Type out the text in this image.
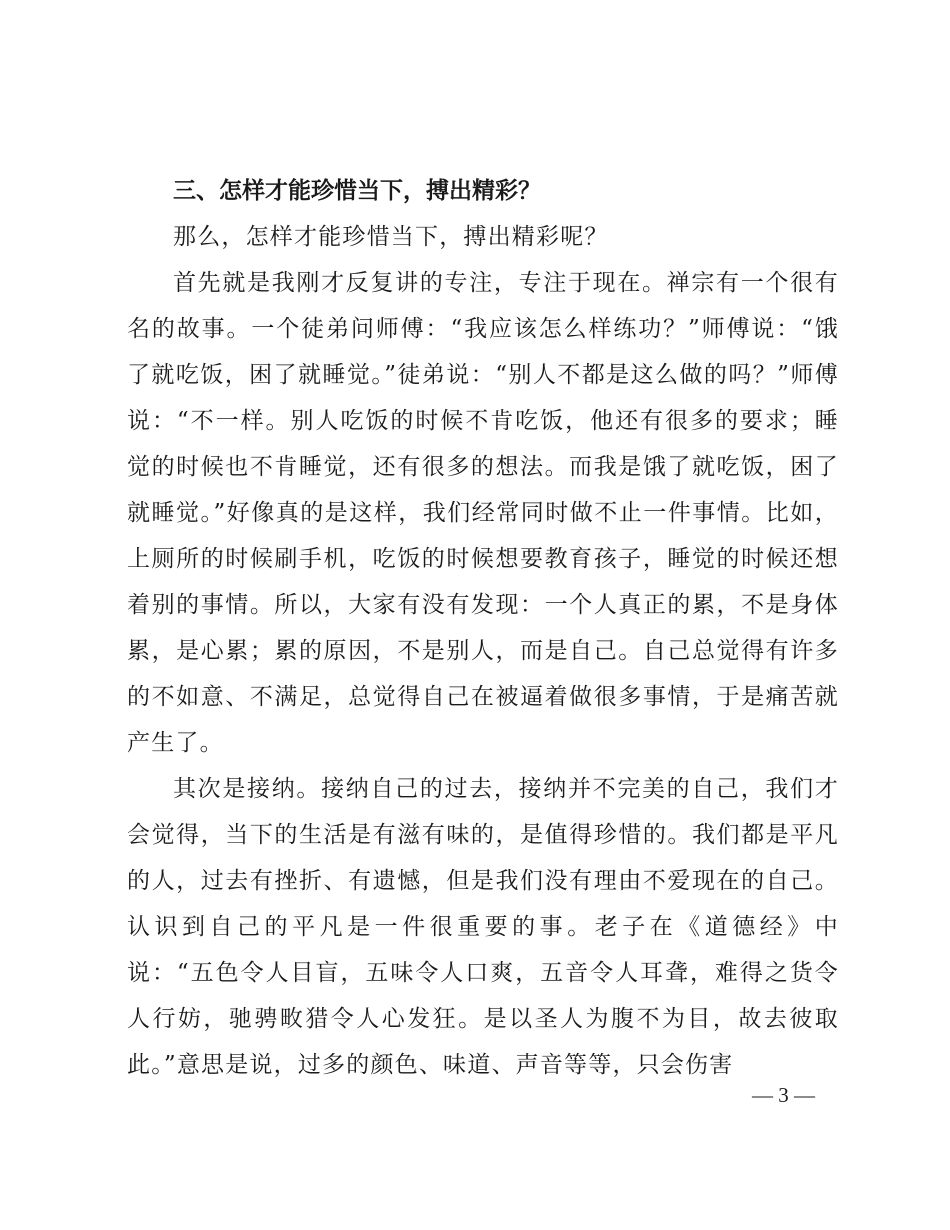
三、怎样才能珍惜当下，搏出精彩？

那么，怎样才能珍惜当下，搏出精彩呢？

首先就是我刚才反复讲的专注，专注于现在。禅宗有一个很有名的故事。一个徒弟问师傅：“我应该怎么样练功？”师傅说：“饿了就吃饭，困了就睡觉。”徒弟说：“别人不都是这么做的吗？”师傅说：“不一样。别人吃饭的时候不肯吃饭，他还有很多的要求；睡觉的时候也不肯睡觉，还有很多的想法。而我是饿了就吃饭，困了就睡觉。”好像真的是这样，我们经常同时做不止一件事情。比如，上厕所的时候刷手机，吃饭的时候想要教育孩子，睡觉的时候还想着别的事情。所以，大家有没有发现：一个人真正的累，不是身体累，是心累；累的原因，不是别人，而是自己。自己总觉得有许多的不如意、不满足，总觉得自己在被逼着做很多事情，于是痛苦就产生了。

其次是接纳。接纳自己的过去，接纳并不完美的自己，我们才会觉得，当下的生活是有滋有味的，是值得珍惜的。我们都是平凡的人，过去有挫折、有遗憾，但是我们没有理由不爱现在的自己。认识到自己的平凡是一件很重要的事。老子在《道德经》中说：“五色令人目盲，五味令人口爽，五音令人耳聋，难得之货令人行妨，驰骋畋猎令人心发狂。是以圣人为腹不为目，故去彼取此。”意思是说，过多的颜色、味道、声音等等，只会伤害

— 3 —
